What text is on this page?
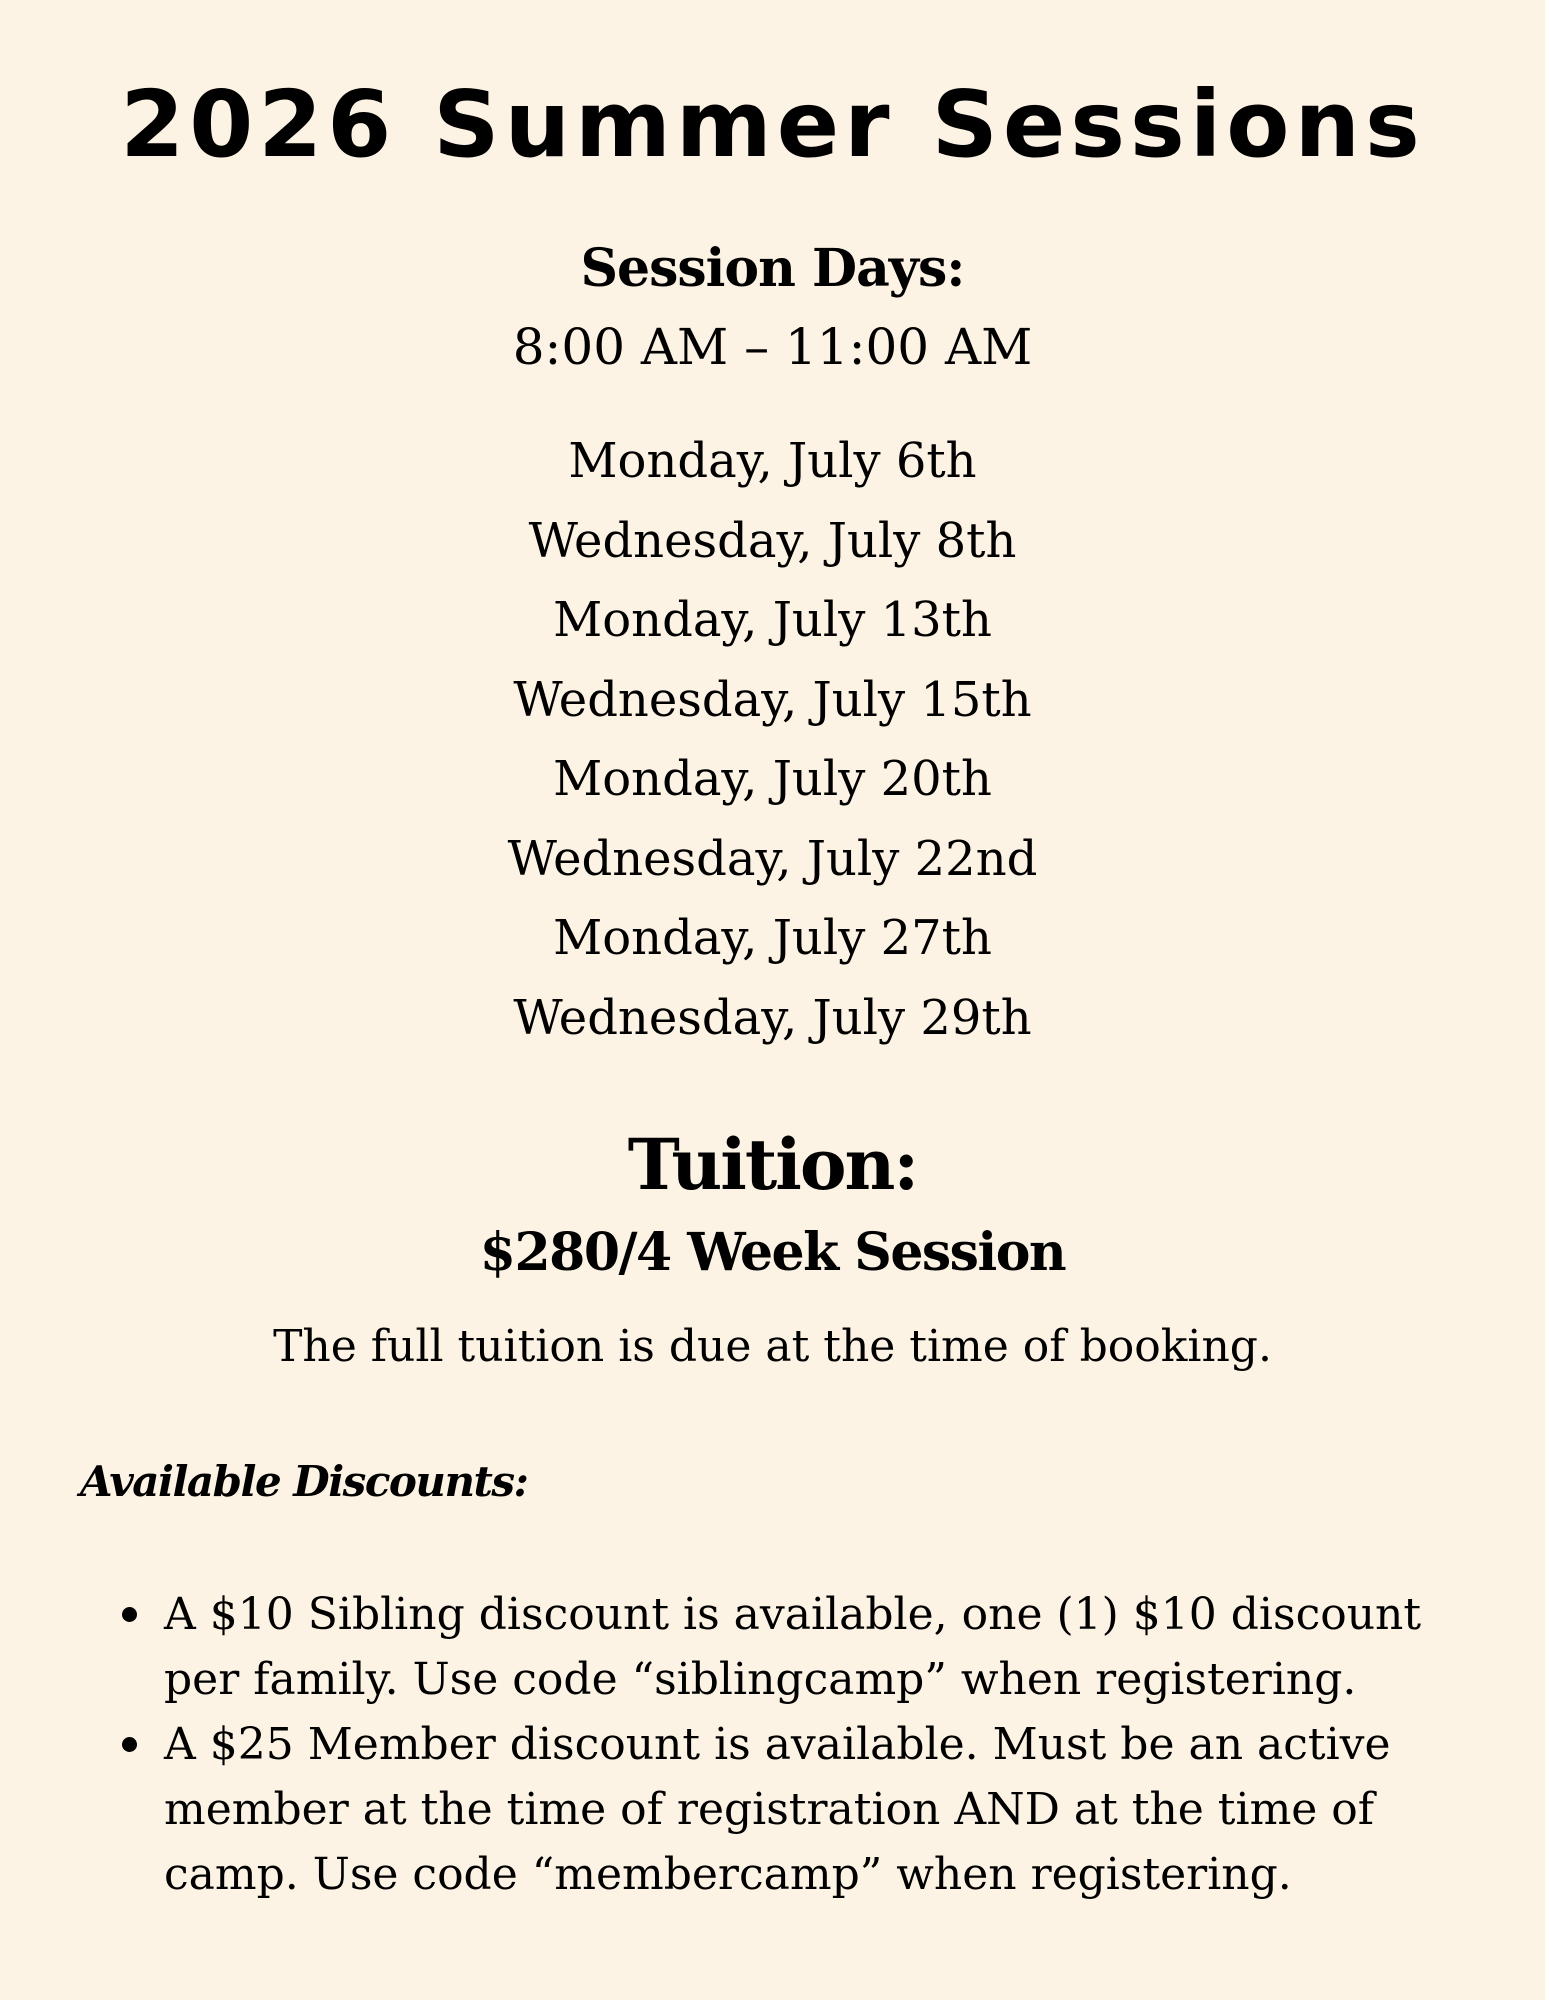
2026 Summer Sessions
Session Days:
8:00 AM – 11:00 AM
Monday, July 6th
Wednesday, July 8th
Monday, July 13th
Wednesday, July 15th
Monday, July 20th
Wednesday, July 22nd
Monday, July 27th
Wednesday, July 29th
Tuition:
$280/4 Week Session
The full tuition is due at the time of booking.
Available Discounts:
A $10 Sibling discount is available, one (1) $10 discount per family. Use code “siblingcamp” when registering.
A $25 Member discount is available. Must be an active member at the time of registration AND at the time of camp. Use code “membercamp” when registering.
